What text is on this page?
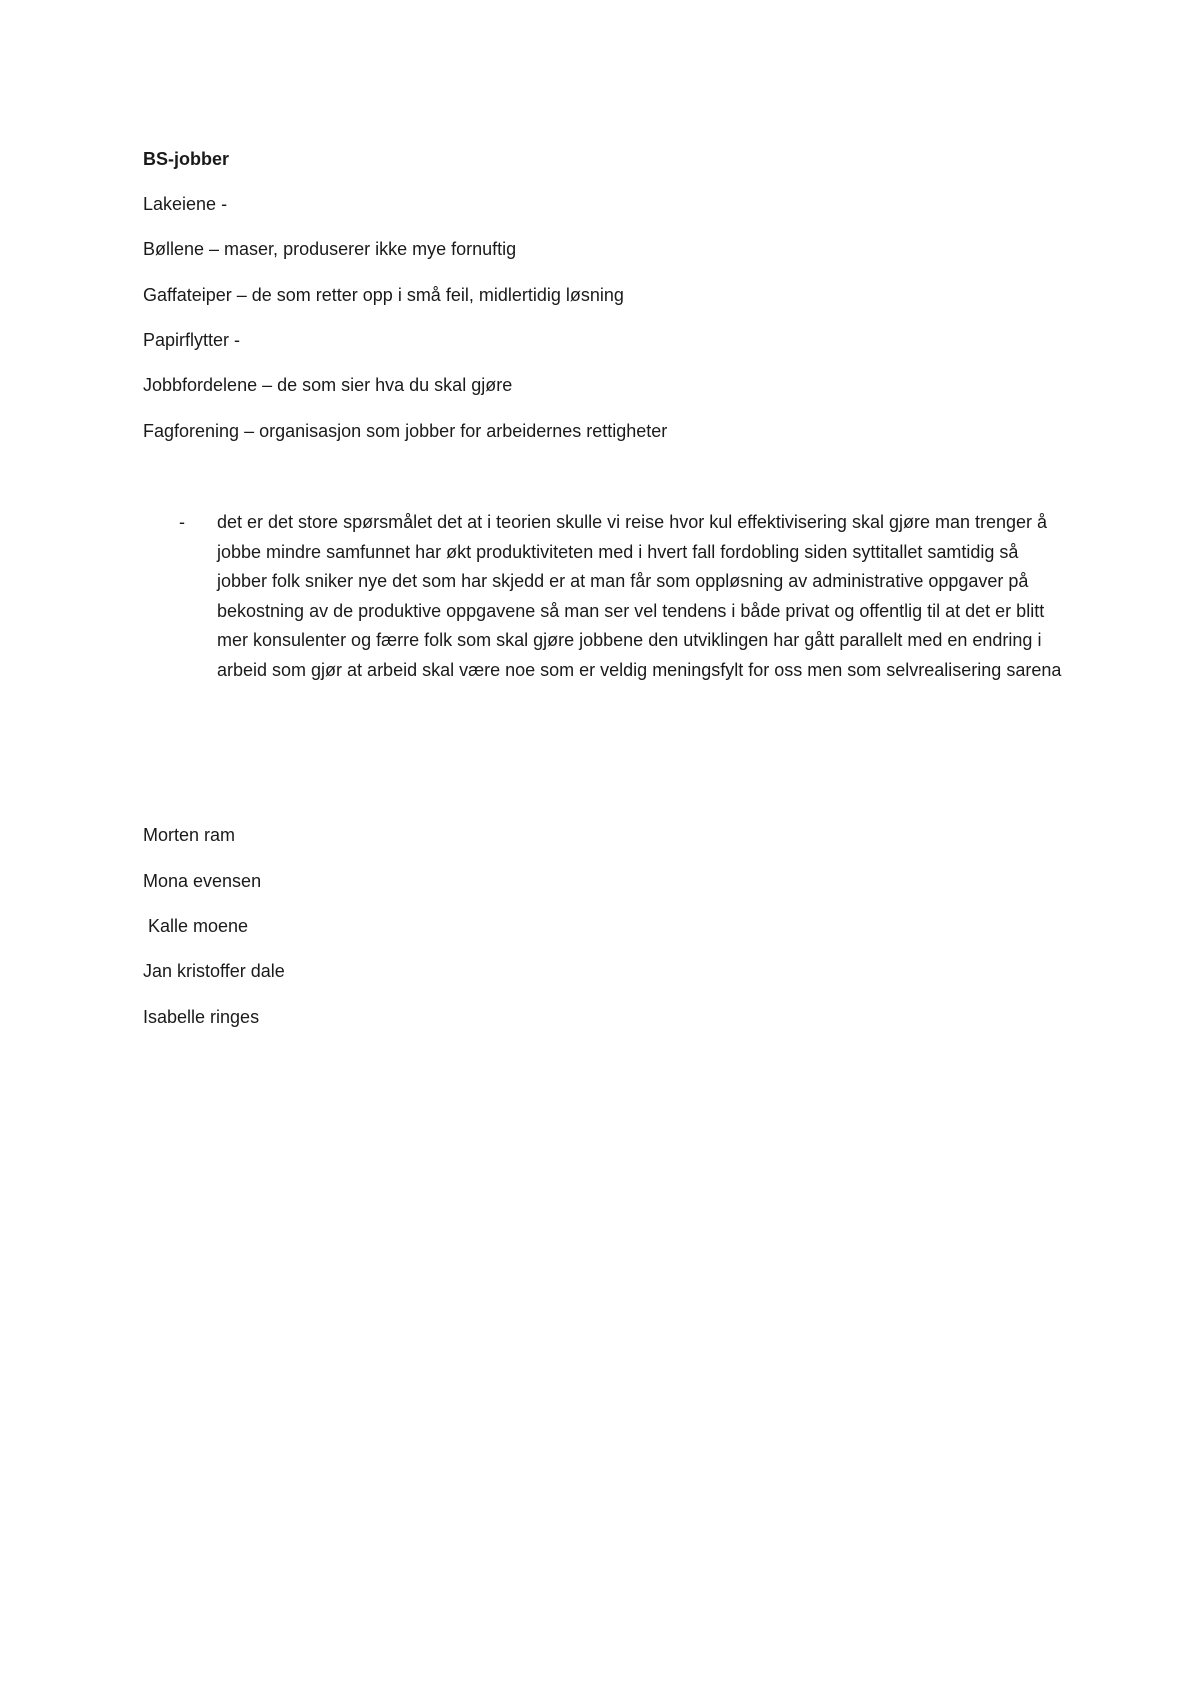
BS-jobber

Lakeiene -

Bøllene – maser, produserer ikke mye fornuftig

Gaffateiper – de som retter opp i små feil, midlertidig løsning

Papirflytter -

Jobbfordelene – de som sier hva du skal gjøre

Fagforening – organisasjon som jobber for arbeidernes rettigheter

- det er det store spørsmålet det at i teorien skulle vi reise hvor kul effektivisering skal gjøre man trenger å jobbe mindre samfunnet har økt produktiviteten med i hvert fall fordobling siden syttitallet samtidig så jobber folk sniker nye det som har skjedd er at man får som oppløsning av administrative oppgaver på bekostning av de produktive oppgavene så man ser vel tendens i både privat og offentlig til at det er blitt mer konsulenter og færre folk som skal gjøre jobbene den utviklingen har gått parallelt med en endring i arbeid som gjør at arbeid skal være noe som er veldig meningsfylt for oss men som selvrealisering sarena

Morten ram

Mona evensen

Kalle moene

Jan kristoffer dale

Isabelle ringes
